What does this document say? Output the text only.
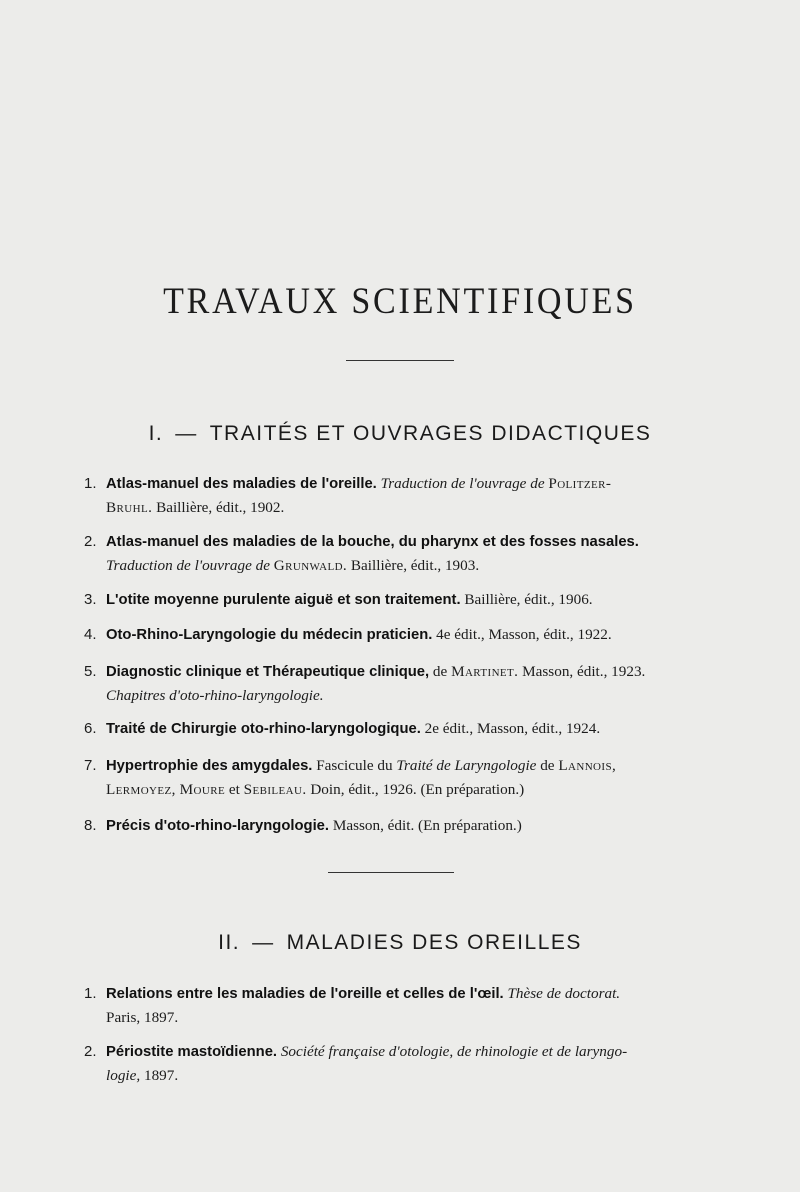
TRAVAUX SCIENTIFIQUES
I. — TRAITÉS ET OUVRAGES DIDACTIQUES
1. Atlas-manuel des maladies de l'oreille. Traduction de l'ouvrage de Politzer-
Bruhl. Baillière, édit., 1902.
2. Atlas-manuel des maladies de la bouche, du pharynx et des fosses nasales.
Traduction de l'ouvrage de Grunwald. Baillière, édit., 1903.
3. L'otite moyenne purulente aiguë et son traitement. Baillière, édit., 1906.
4. Oto-Rhino-Laryngologie du médecin praticien. 4e édit., Masson, édit., 1922.
5. Diagnostic clinique et Thérapeutique clinique, de Martinet. Masson, édit., 1923.
Chapitres d'oto-rhino-laryngologie.
6. Traité de Chirurgie oto-rhino-laryngologique. 2e édit., Masson, édit., 1924.
7. Hypertrophie des amygdales. Fascicule du Traité de Laryngologie de Lannois,
Lermoyez, Moure et Sebileau. Doin, édit., 1926. (En préparation.)
8. Précis d'oto-rhino-laryngologie. Masson, édit. (En préparation.)
II. — MALADIES DES OREILLES
1. Relations entre les maladies de l'oreille et celles de l'œil. Thèse de doctorat.
Paris, 1897.
2. Périostite mastoïdienne. Société française d'otologie, de rhinologie et de laryngo-
logie, 1897.
